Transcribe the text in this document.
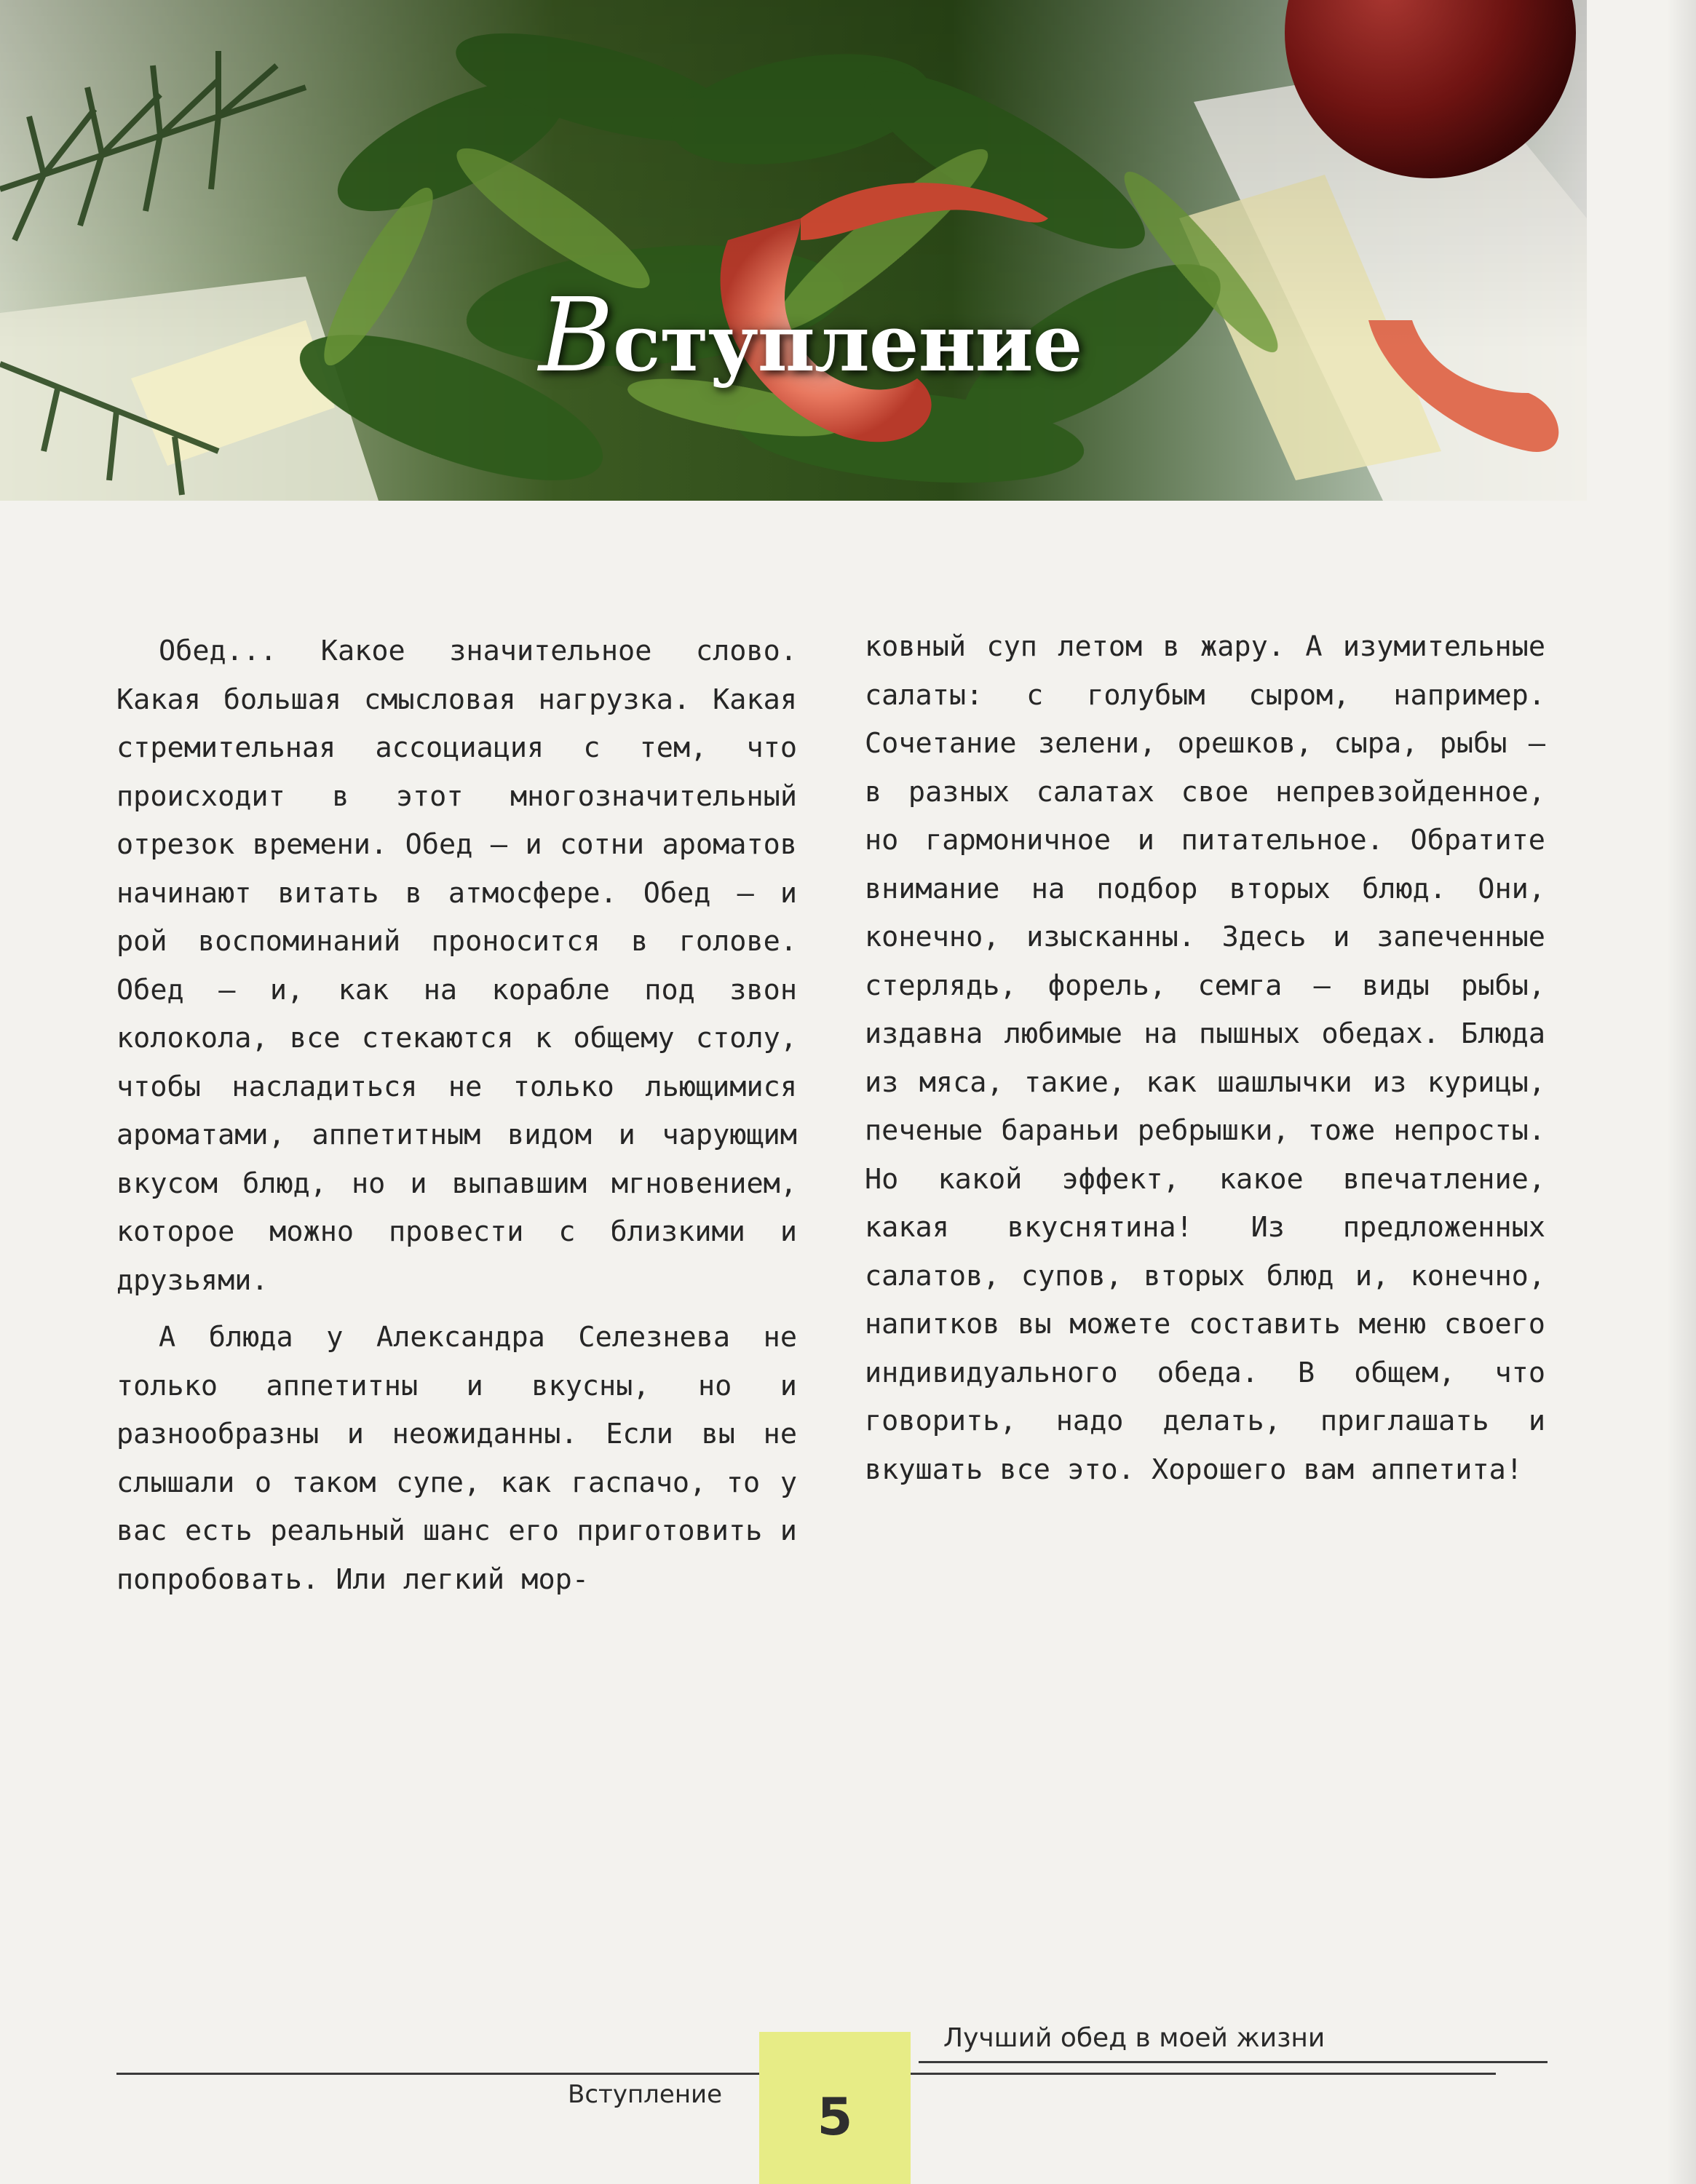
Вступление

Обед... Какое значительное слово. Какая большая смысловая нагрузка. Какая стремительная ассоциация с тем, что происходит в этот многозначительный отрезок времени. Обед — и сотни ароматов начинают витать в атмосфере. Обед — и рой воспоминаний проносится в голове. Обед — и, как на корабле под звон колокола, все стекаются к общему столу, чтобы насладиться не только льющимися ароматами, аппетитным видом и чарующим вкусом блюд, но и выпавшим мгновением, которое можно провести с близкими и друзьями.

А блюда у Александра Селезнева не только аппетитны и вкусны, но и разнообразны и неожиданны. Если вы не слышали о таком супе, как гаспачо, то у вас есть реальный шанс его приготовить и попробовать. Или легкий мор-

ковный суп летом в жару. А изумительные салаты: с голубым сыром, например. Сочетание зелени, орешков, сыра, рыбы — в разных салатах свое непревзойденное, но гармоничное и питательное. Обратите внимание на подбор вторых блюд. Они, конечно, изысканны. Здесь и запеченные стерлядь, форель, семга — виды рыбы, издавна любимые на пышных обедах. Блюда из мяса, такие, как шашлычки из курицы, печеные бараньи ребрышки, тоже непросты. Но какой эффект, какое впечатление, какая вкуснятина! Из предложенных салатов, супов, вторых блюд и, конечно, напитков вы можете составить меню своего индивидуального обеда. В общем, что говорить, надо делать, приглашать и вкушать все это. Хорошего вам аппетита!

Лучший обед в моей жизни
Вступление	5
